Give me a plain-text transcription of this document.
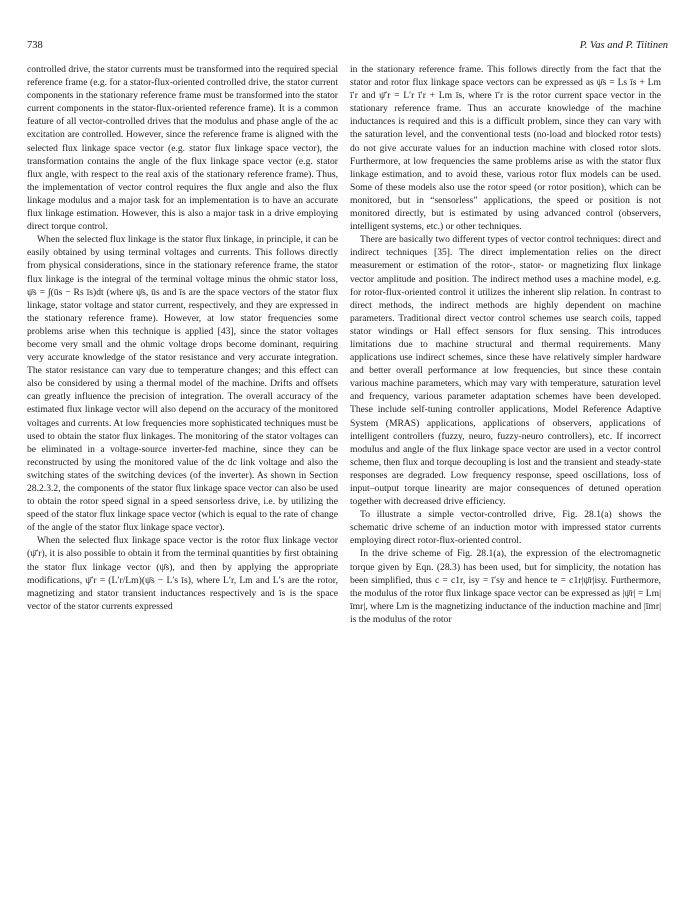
738	P. Vas and P. Tiitinen

controlled drive, the stator currents must be transformed into the required special reference frame (e.g. for a stator-flux-oriented controlled drive, the stator current components in the stationary reference frame must be transformed into the stator current components in the stator-flux-oriented reference frame). It is a common feature of all vector-controlled drives that the modulus and phase angle of the ac excitation are controlled. However, since the reference frame is aligned with the selected flux linkage space vector (e.g. stator flux linkage space vector), the transformation contains the angle of the flux linkage space vector (e.g. stator flux angle, with respect to the real axis of the stationary reference frame). Thus, the implementation of vector control requires the flux angle and also the flux linkage modulus and a major task for an implementation is to have an accurate flux linkage estimation. However, this is also a major task in a drive employing direct torque control.

When the selected flux linkage is the stator flux linkage, in principle, it can be easily obtained by using terminal voltages and currents. This follows directly from physical considerations, since in the stationary reference frame, the stator flux linkage is the integral of the terminal voltage minus the ohmic stator loss, ψ̄s = ∫(ūs − Rs īs)dt (where ψ̄s, ūs and īs are the space vectors of the stator flux linkage, stator voltage and stator current, respectively, and they are expressed in the stationary reference frame). However, at low stator frequencies some problems arise when this technique is applied [43], since the stator voltages become very small and the ohmic voltage drops become dominant, requiring very accurate knowledge of the stator resistance and very accurate integration. The stator resistance can vary due to temperature changes; and this effect can also be considered by using a thermal model of the machine. Drifts and offsets can greatly influence the precision of integration. The overall accuracy of the estimated flux linkage vector will also depend on the accuracy of the monitored voltages and currents. At low frequencies more sophisticated techniques must be used to obtain the stator flux linkages. The monitoring of the stator voltages can be eliminated in a voltage-source inverter-fed machine, since they can be reconstructed by using the monitored value of the dc link voltage and also the switching states of the switching devices (of the inverter). As shown in Section 28.2.3.2, the components of the stator flux linkage space vector can also be used to obtain the rotor speed signal in a speed sensorless drive, i.e. by utilizing the speed of the stator flux linkage space vector (which is equal to the rate of change of the angle of the stator flux linkage space vector).

When the selected flux linkage space vector is the rotor flux linkage vector (ψ̄′r), it is also possible to obtain it from the terminal quantities by first obtaining the stator flux linkage vector (ψ̄s), and then by applying the appropriate modifications, ψ̄′r = (L′r/Lm)(ψ̄s − L′s īs), where L′r, Lm and L′s are the rotor, magnetizing and stator transient inductances respectively and īs is the space vector of the stator currents expressed

in the stationary reference frame. This follows directly from the fact that the stator and rotor flux linkage space vectors can be expressed as ψ̄s = Ls īs + Lm ī′r and ψ̄′r = L′r ī′r + Lm īs, where ī′r is the rotor current space vector in the stationary reference frame. Thus an accurate knowledge of the machine inductances is required and this is a difficult problem, since they can vary with the saturation level, and the conventional tests (no-load and blocked rotor tests) do not give accurate values for an induction machine with closed rotor slots. Furthermore, at low frequencies the same problems arise as with the stator flux linkage estimation, and to avoid these, various rotor flux models can be used. Some of these models also use the rotor speed (or rotor position), which can be monitored, but in “sensorless” applications, the speed or position is not monitored directly, but is estimated by using advanced control (observers, intelligent systems, etc.) or other techniques.

There are basically two different types of vector control techniques: direct and indirect techniques [35]. The direct implementation relies on the direct measurement or estimation of the rotor-, stator- or magnetizing flux linkage vector amplitude and position. The indirect method uses a machine model, e.g. for rotor-flux-oriented control it utilizes the inherent slip relation. In contrast to direct methods, the indirect methods are highly dependent on machine parameters. Traditional direct vector control schemes use search coils, tapped stator windings or Hall effect sensors for flux sensing. This introduces limitations due to machine structural and thermal requirements. Many applications use indirect schemes, since these have relatively simpler hardware and better overall performance at low frequencies, but since these contain various machine parameters, which may vary with temperature, saturation level and frequency, various parameter adaptation schemes have been developed. These include self-tuning controller applications, Model Reference Adaptive System (MRAS) applications, applications of observers, applications of intelligent controllers (fuzzy, neuro, fuzzy-neuro controllers), etc. If incorrect modulus and angle of the flux linkage space vector are used in a vector control scheme, then flux and torque decoupling is lost and the transient and steady-state responses are degraded. Low frequency response, speed oscillations, loss of input–output torque linearity are major consequences of detuned operation together with decreased drive efficiency.

To illustrate a simple vector-controlled drive, Fig. 28.1(a) shows the schematic drive scheme of an induction motor with impressed stator currents employing direct rotor-flux-oriented control.

In the drive scheme of Fig. 28.1(a), the expression of the electromagnetic torque given by Eqn. (28.3) has been used, but for simplicity, the notation has been simplified, thus c = c1r, isy = ī′sy and hence te = c1r|ψ̄r|isy. Furthermore, the modulus of the rotor flux linkage space vector can be expressed as |ψ̄r| = Lm|īmr|, where Lm is the magnetizing inductance of the induction machine and |īmr| is the modulus of the rotor
